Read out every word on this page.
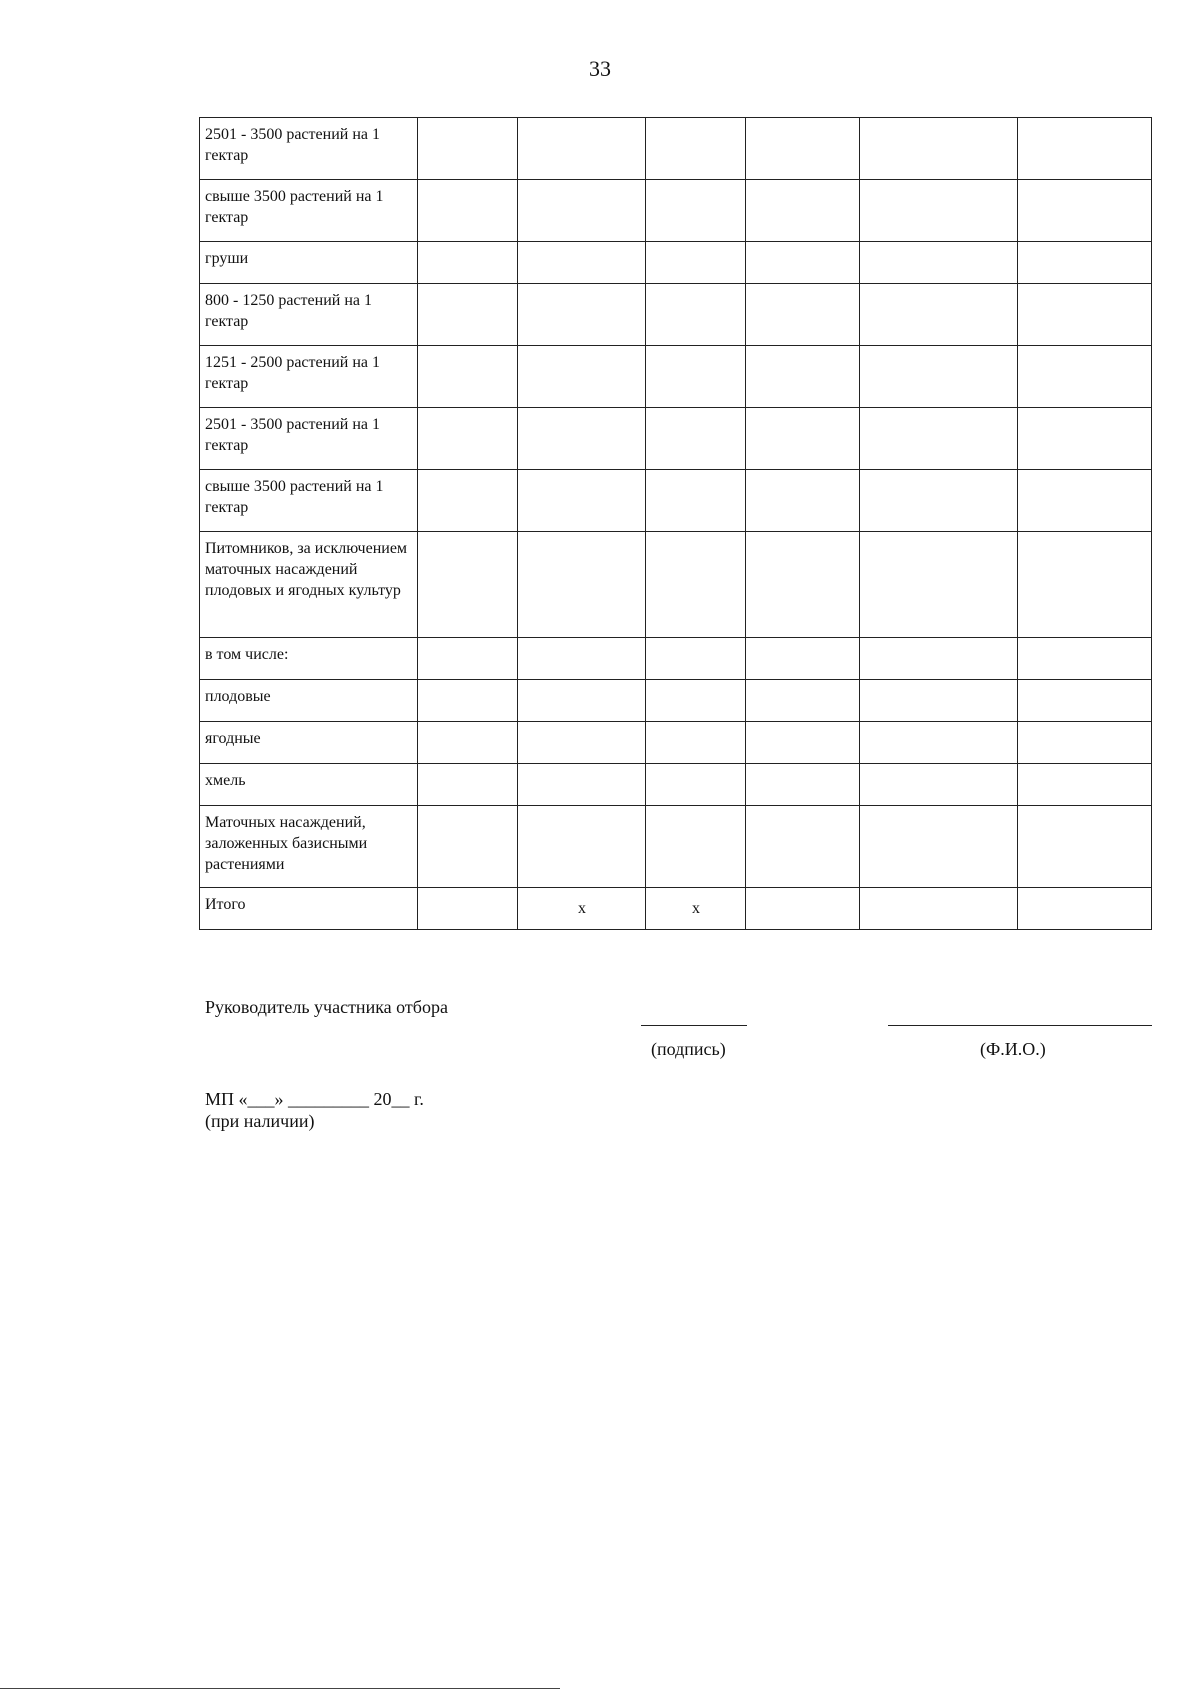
33
2501 - 3500 растений на 1 гектар						
свыше 3500 растений на 1 гектар						
груши						
800 - 1250 растений на 1 гектар						
1251 - 2500 растений на 1 гектар						
2501 - 3500 растений на 1 гектар						
свыше 3500 растений на 1 гектар						
Питомников, за исключением маточных насаждений плодовых и ягодных культур						
в том числе:						
плодовые						
ягодные						
хмель						
Маточных насаждений, заложенных базисными растениями						
Итого		x	x			
Руководитель участника отбора
(подпись)	(Ф.И.О.)
МП «___» _________ 20__ г.
(при наличии)
